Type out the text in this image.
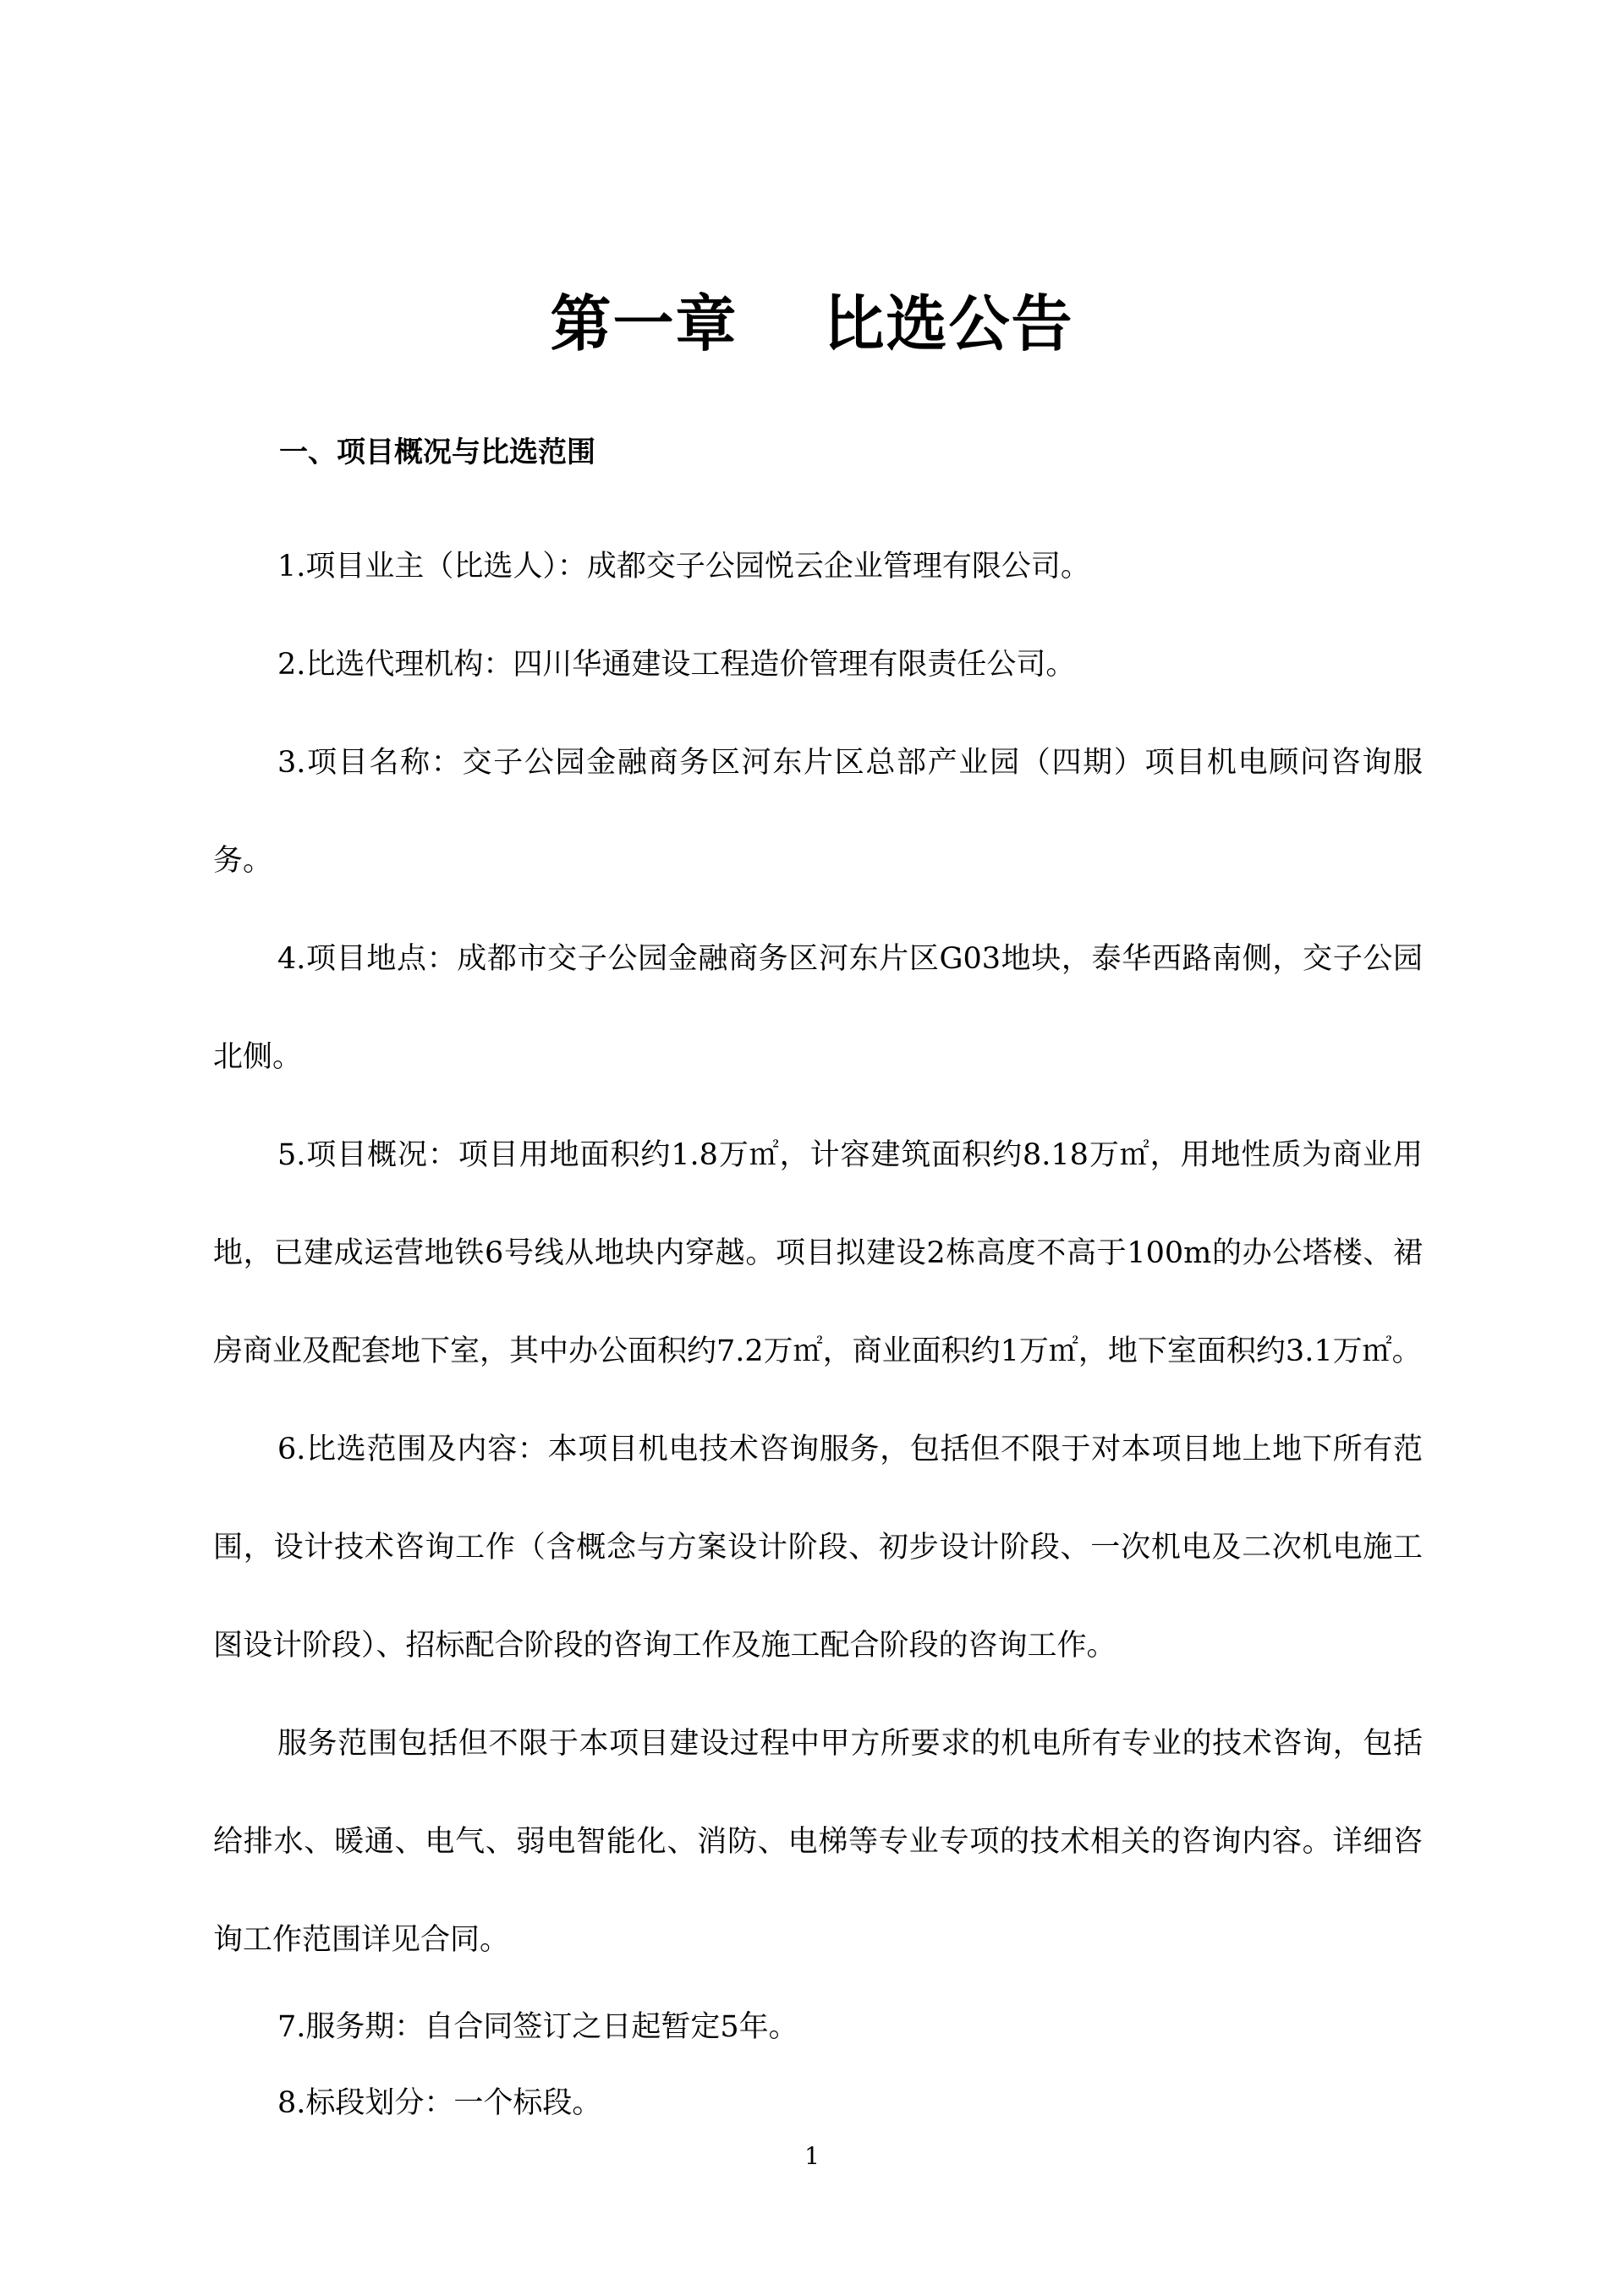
第一章　 比选公告
一、项目概况与比选范围

1.项目业主（比选人）：成都交子公园悦云企业管理有限公司。

2.比选代理机构：四川华通建设工程造价管理有限责任公司。

3.项目名称：交子公园金融商务区河东片区总部产业园（四期）项目机电顾问咨询服务。

4.项目地点：成都市交子公园金融商务区河东片区G03地块，泰华西路南侧，交子公园北侧。

5.项目概况：项目用地面积约1.8万㎡，计容建筑面积约8.18万㎡，用地性质为商业用地，已建成运营地铁6号线从地块内穿越。项目拟建设2栋高度不高于100m的办公塔楼、裙房商业及配套地下室，其中办公面积约7.2万㎡，商业面积约1万㎡，地下室面积约3.1万㎡。

6.比选范围及内容：本项目机电技术咨询服务，包括但不限于对本项目地上地下所有范围，设计技术咨询工作（含概念与方案设计阶段、初步设计阶段、一次机电及二次机电施工图设计阶段）、招标配合阶段的咨询工作及施工配合阶段的咨询工作。

服务范围包括但不限于本项目建设过程中甲方所要求的机电所有专业的技术咨询，包括给排水、暖通、电气、弱电智能化、消防、电梯等专业专项的技术相关的咨询内容。详细咨询工作范围详见合同。

7.服务期：自合同签订之日起暂定5年。

8.标段划分：一个标段。

1
